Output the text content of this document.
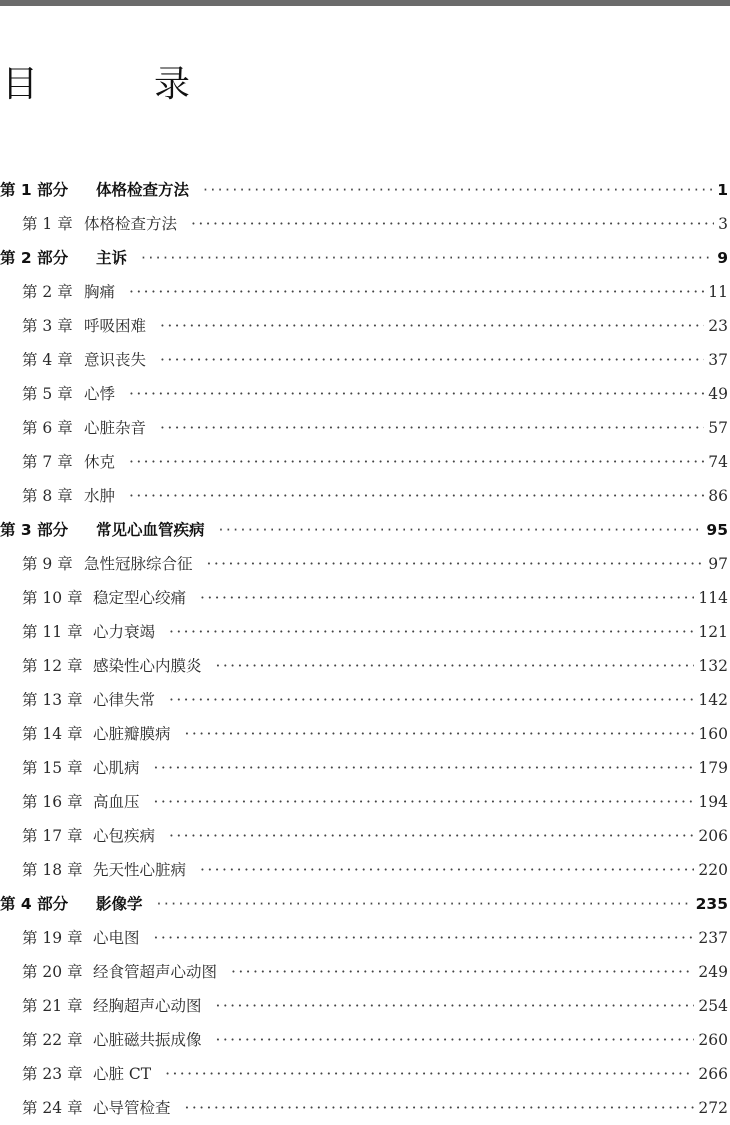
目　录
第 1 部分	体格检查方法 ·····	1
第 1 章 体格检查方法 ·····	3
第 2 部分	主诉 ·····	9
第 2 章 胸痛 ·····	11
第 3 章 呼吸困难 ·····	23
第 4 章 意识丧失 ·····	37
第 5 章 心悸 ·····	49
第 6 章 心脏杂音 ·····	57
第 7 章 休克 ·····	74
第 8 章 水肿 ·····	86
第 3 部分	常见心血管疾病 ·····	95
第 9 章 急性冠脉综合征 ·····	97
第 10 章 稳定型心绞痛 ·····	114
第 11 章 心力衰竭 ·····	121
第 12 章 感染性心内膜炎 ·····	132
第 13 章 心律失常 ·····	142
第 14 章 心脏瓣膜病 ·····	160
第 15 章 心肌病 ·····	179
第 16 章 高血压 ·····	194
第 17 章 心包疾病 ·····	206
第 18 章 先天性心脏病 ·····	220
第 4 部分	影像学 ·····	235
第 19 章 心电图 ·····	237
第 20 章 经食管超声心动图 ·····	249
第 21 章 经胸超声心动图 ·····	254
第 22 章 心脏磁共振成像 ·····	260
第 23 章 心脏 CT ·····	266
第 24 章 心导管检查 ·····	272
